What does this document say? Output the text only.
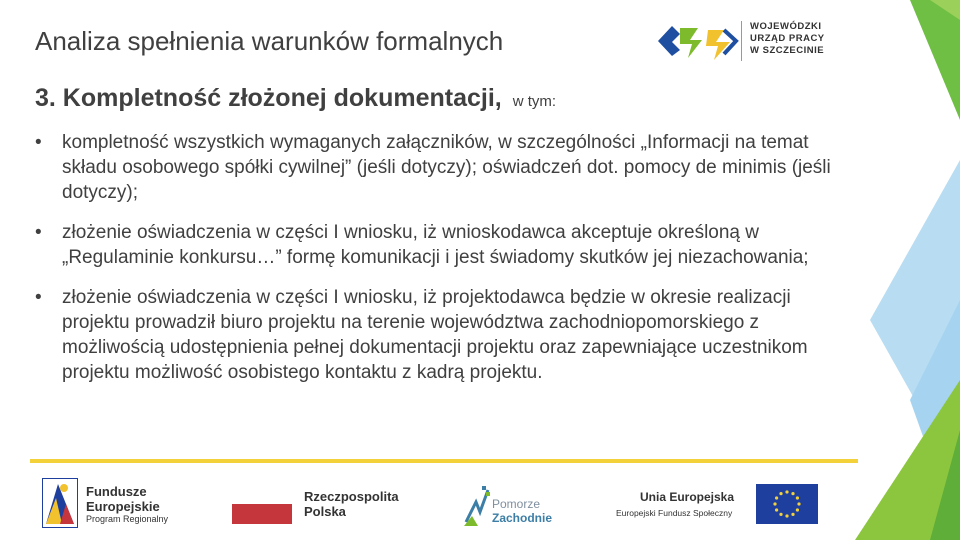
Analiza spełnienia warunków formalnych	WOJEWÓDZKI
URZĄD PRACY
W SZCZECINIE
3. Kompletność złożonej dokumentacji, w tym:
•	kompletność wszystkich wymaganych załączników, w szczególności „Informacji na temat składu osobowego spółki cywilnej” (jeśli dotyczy); oświadczeń dot. pomocy de minimis (jeśli dotyczy);
•	złożenie oświadczenia w części I wniosku, iż wnioskodawca akceptuje określoną w „Regulaminie konkursu…” formę komunikacji i jest świadomy skutków jej niezachowania;
•	złożenie oświadczenia w części I wniosku, iż projektodawca będzie w okresie realizacji projektu prowadził biuro projektu na terenie województwa zachodniopomorskiego z możliwością udostępnienia pełnej dokumentacji projektu oraz zapewniające uczestnikom projektu możliwość osobistego kontaktu z kadrą projektu.
Fundusze
Europejskie
Program Regionalny
Rzeczpospolita
Polska	Pomorze
Zachodnie
Unia Europejska
Europejski Fundusz Społeczny
